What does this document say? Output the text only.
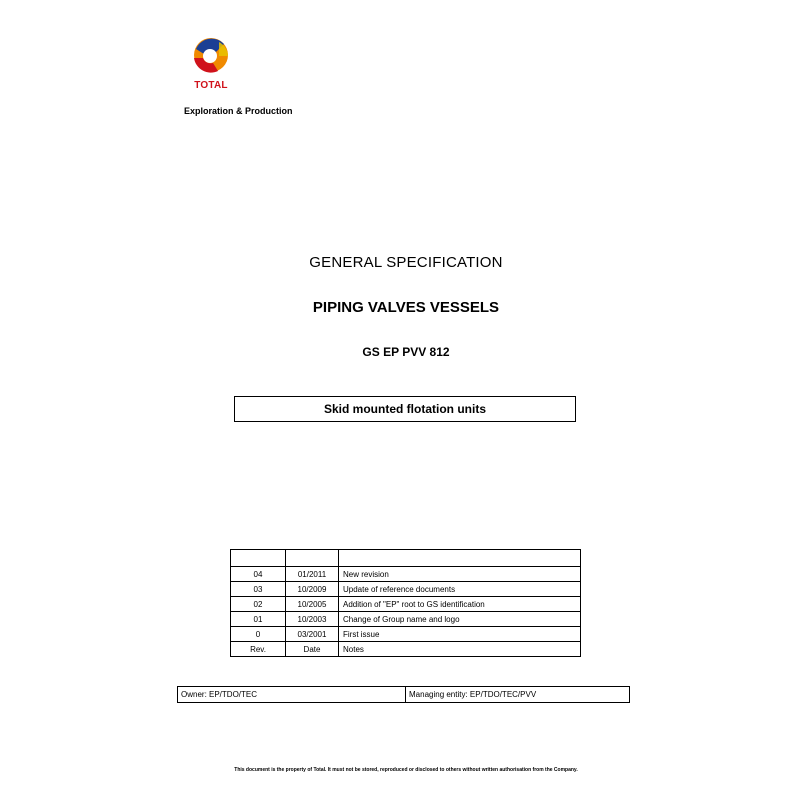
TOTAL
Exploration & Production
GENERAL SPECIFICATION
PIPING VALVES VESSELS
GS EP PVV 812
Skid mounted flotation units

04	01/2011	New revision
03	10/2009	Update of reference documents
02	10/2005	Addition of "EP" root to GS identification
01	10/2003	Change of Group name and logo
0	03/2001	First issue
Rev.	Date	Notes
Owner: EP/TDO/TEC	Managing entity: EP/TDO/TEC/PVV
This document is the property of Total. It must not be stored, reproduced or disclosed to others without written authorisation from the Company.
